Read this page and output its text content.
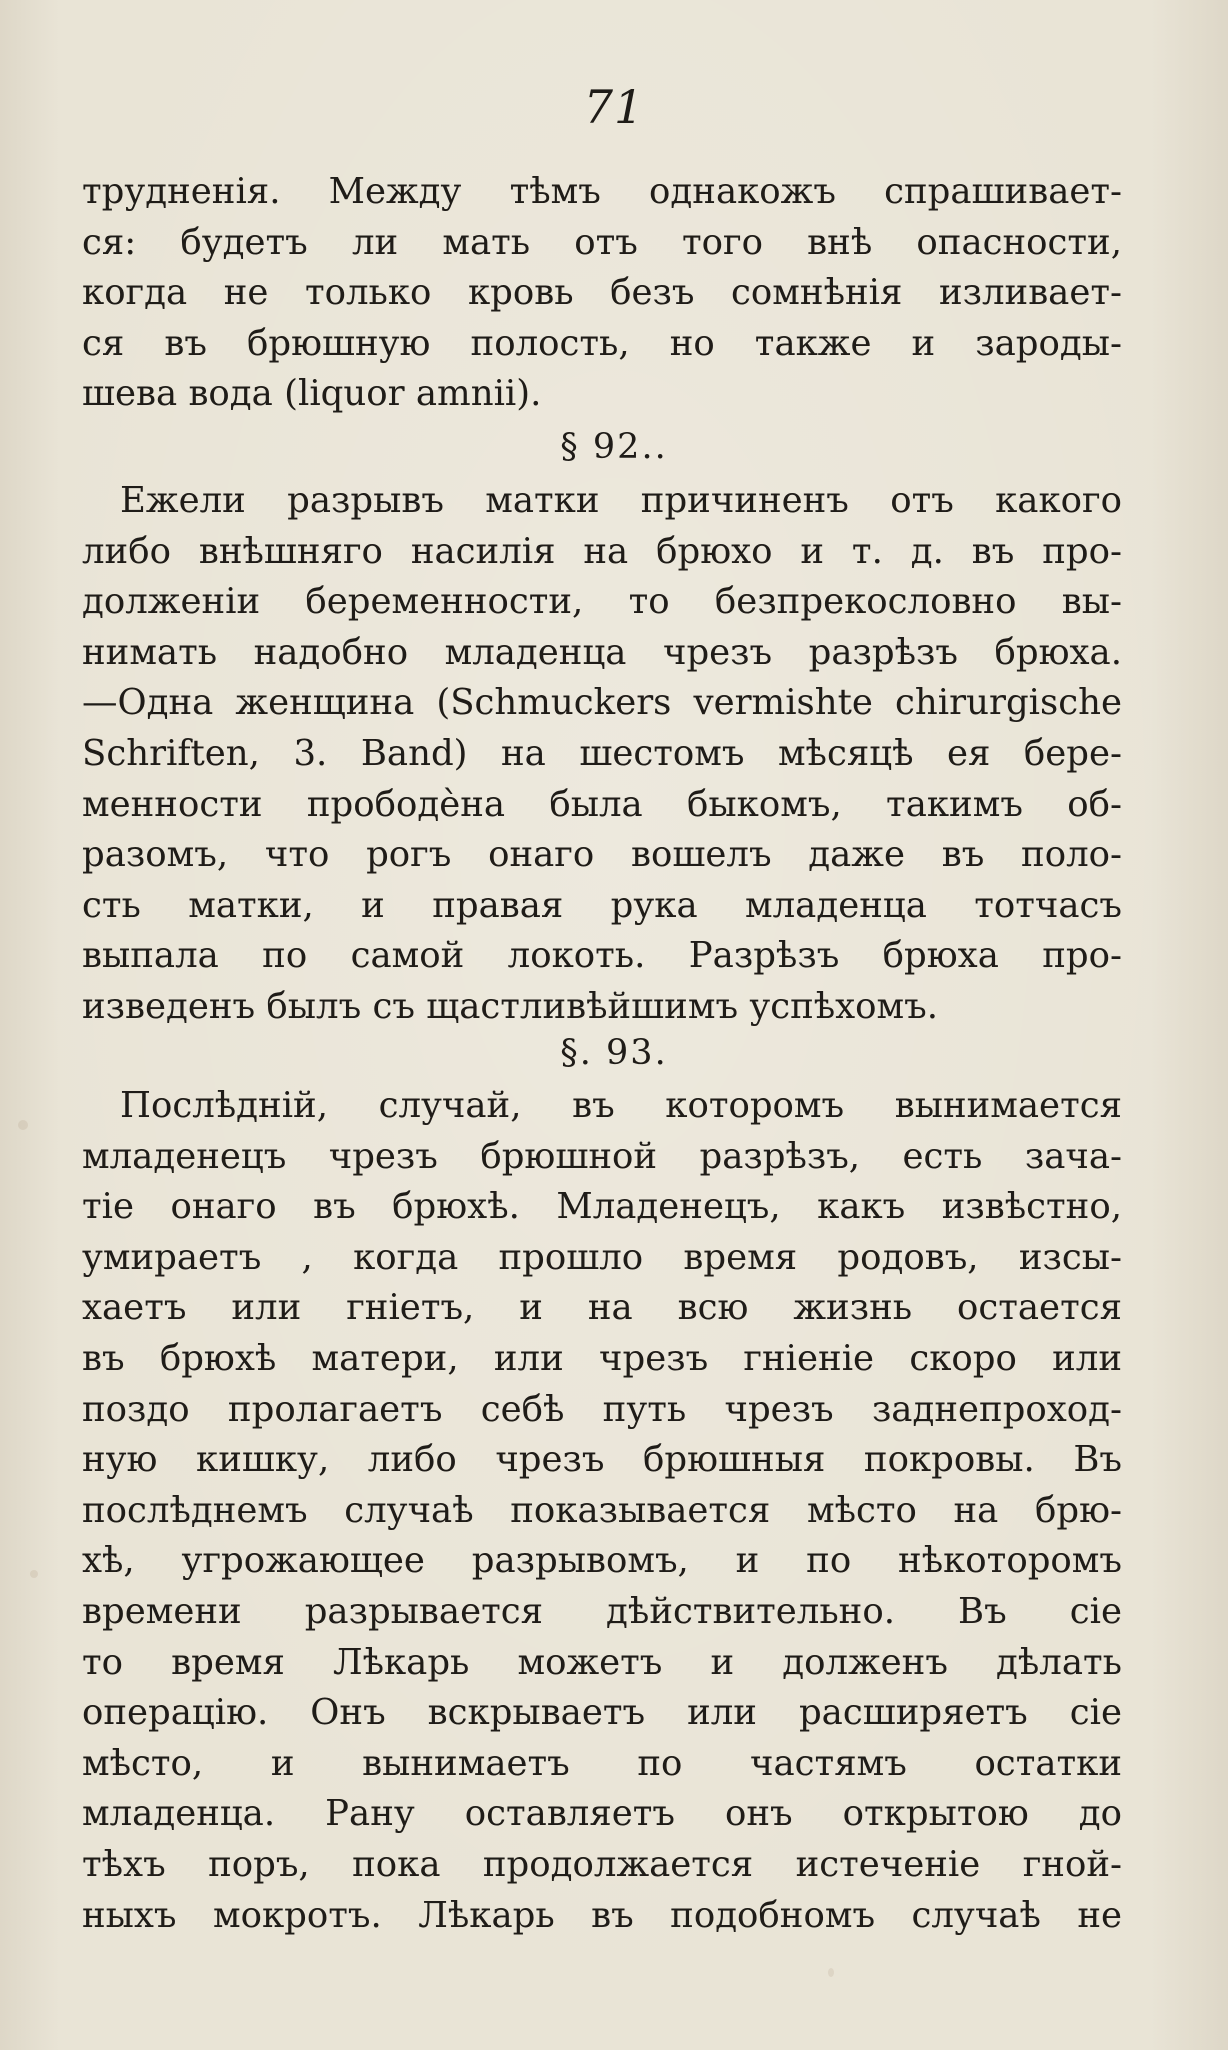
71
трудненія. Между тѣмъ однакожъ спрашивает-
ся: будетъ ли мать отъ того внѣ опасности,
когда не только кровь безъ сомнѣнія изливает-
ся въ брюшную полость, но также и зароды-
шева вода (liquor amnii).
§ 92..
Ежели разрывъ матки причиненъ отъ какого
либо внѣшняго насилія на брюхо и т. д. въ про-
долженіи беременности, то безпрекословно вы-
нимать надобно младенца чрезъ разрѣзъ брюха.
—Одна женщина (Schmuckers vermishte chirurgische
Schriften, 3. Band) на шестомъ мѣсяцѣ ея бере-
менности прободѐна была быкомъ, такимъ об-
разомъ, что рогъ онаго вошелъ даже въ поло-
сть матки, и правая рука младенца тотчасъ
выпала по самой локоть. Разрѣзъ брюха про-
изведенъ былъ съ щастливѣйшимъ успѣхомъ.
§. 93.
Послѣдній, случай, въ которомъ вынимается
младенецъ чрезъ брюшной разрѣзъ, есть зача-
тіе онаго въ брюхѣ. Младенецъ, какъ извѣстно,
умираетъ , когда прошло время родовъ, изсы-
хаетъ или гніетъ, и на всю жизнь остается
въ брюхѣ матери, или чрезъ гніеніе скоро или
поздо пролагаетъ себѣ путь чрезъ заднепроход-
ную кишку, либо чрезъ брюшныя покровы. Въ
послѣднемъ случаѣ показывается мѣсто на брю-
хѣ, угрожающее разрывомъ, и по нѣкоторомъ
времени разрывается дѣйствительно. Въ сіе
то время Лѣкарь можетъ и долженъ дѣлать
операцію. Онъ вскрываетъ или расширяетъ сіе
мѣсто, и вынимаетъ по частямъ остатки
младенца. Рану оставляетъ онъ открытою до
тѣхъ поръ, пока продолжается истеченіе гной-
ныхъ мокротъ. Лѣкарь въ подобномъ случаѣ не
